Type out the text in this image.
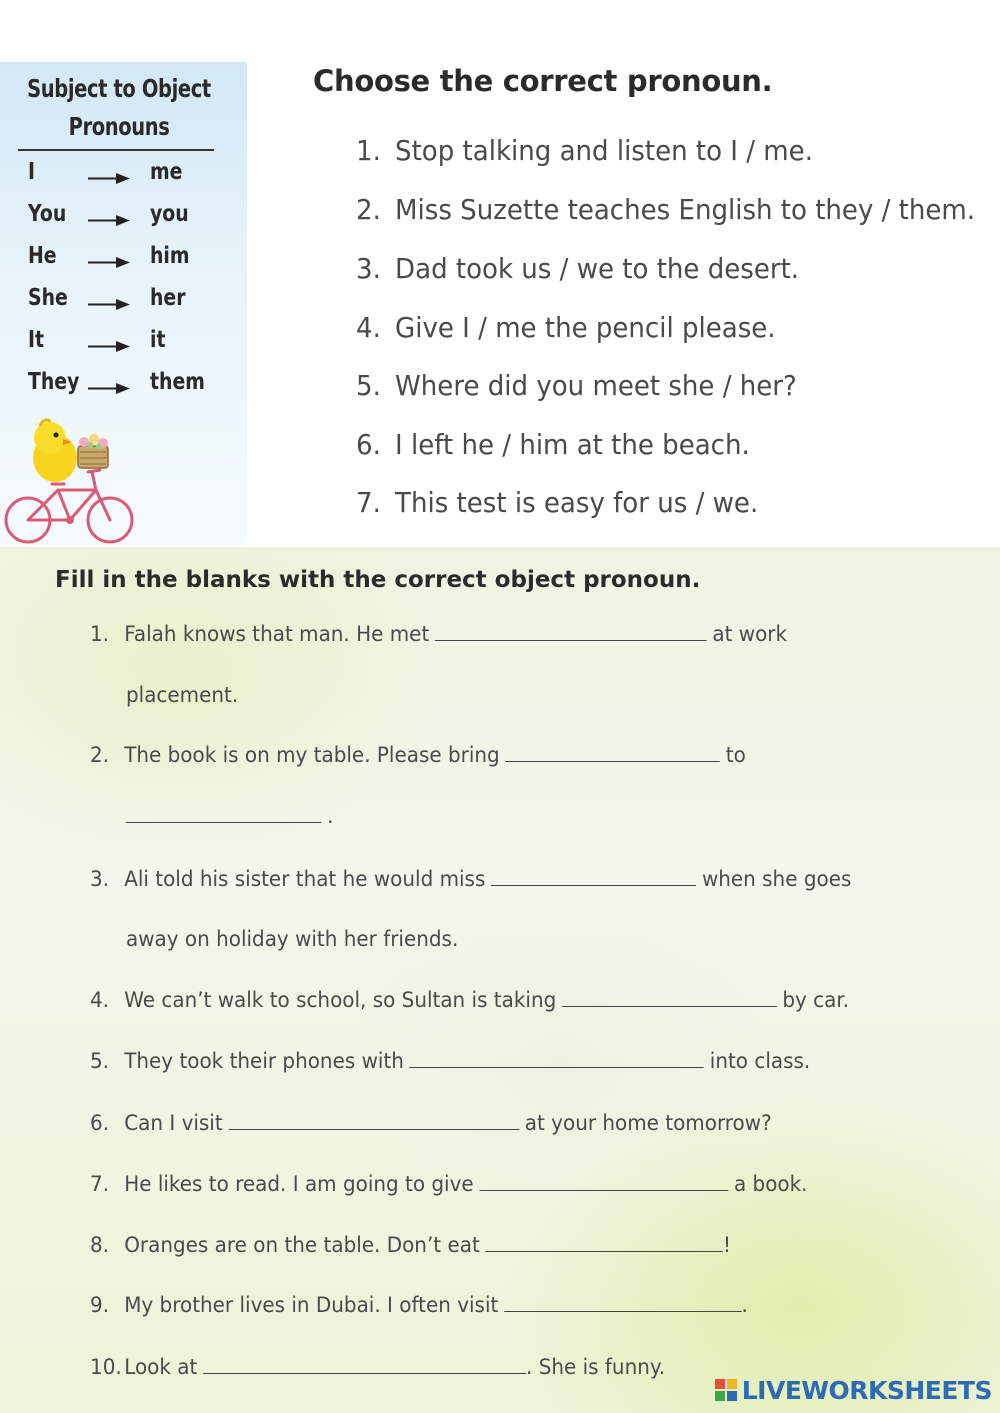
Subject to Object
Pronouns
I	me
You	you
He	him
She	her
It	it
They	them
Choose the correct pronoun.
1. Stop talking and listen to I / me.
2. Miss Suzette teaches English to they / them.
3. Dad took us / we to the desert.
4. Give I / me the pencil please.
5. Where did you meet she / her?
6. I left he / him at the beach.
7. This test is easy for us / we.
Fill in the blanks with the correct object pronoun.
1. Falah knows that man. He met	at work
placement.
2. The book is on my table. Please bring	to
.
3. Ali told his sister that he would miss	when she goes
away on holiday with her friends.
4. We can’t walk to school, so Sultan is taking	by car.
5. They took their phones with	into class.
6. Can I visit	at your home tomorrow?
7. He likes to read. I am going to give	a book.
8. Oranges are on the table. Don’t eat	!
9. My brother lives in Dubai. I often visit	.
10. Look at	. She is funny.
LIVEWORKSHEETS
